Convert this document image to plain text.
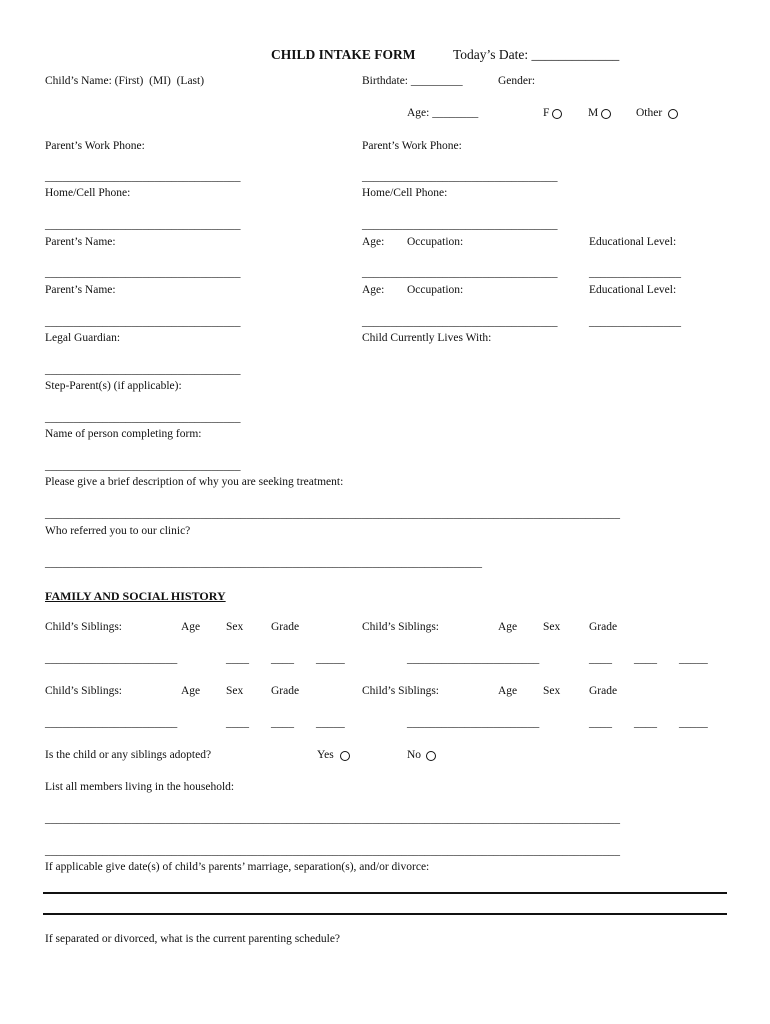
CHILD INTAKE FORM	Today’s Date: _____________
Child’s Name: (First)  (MI)  (Last)	Birthdate: _________	Gender:
Age: ________	F	M	Other
Parent’s Work Phone:	Parent’s Work Phone:
__________________________________	__________________________________
Home/Cell Phone:	Home/Cell Phone:
__________________________________	__________________________________
Parent’s Name:	Age: Occupation:	Educational Level:
__________________________________	__________________________________	________________
Parent’s Name:	Age: Occupation:	Educational Level:
__________________________________	__________________________________	________________
Legal Guardian:	Child Currently Lives With:
__________________________________
Step-Parent(s) (if applicable):
__________________________________
Name of person completing form:
__________________________________
Please give a brief description of why you are seeking treatment:
____________________________________________________________________________________________________
Who referred you to our clinic?
____________________________________________________________________________
FAMILY AND SOCIAL HISTORY
Child’s Siblings:	Age Sex Grade	Child’s Siblings:	Age Sex	Grade
_______________________	____ ____ _____	_______________________	____ ____ _____
Child’s Siblings:	Age Sex Grade	Child’s Siblings:	Age Sex	Grade
_______________________	____ ____ _____	_______________________	____ ____ _____
Is the child or any siblings adopted?	Yes	No
List all members living in the household:
____________________________________________________________________________________________________
____________________________________________________________________________________________________
If applicable give date(s) of child’s parents’ marriage, separation(s), and/or divorce:
If separated or divorced, what is the current parenting schedule?
